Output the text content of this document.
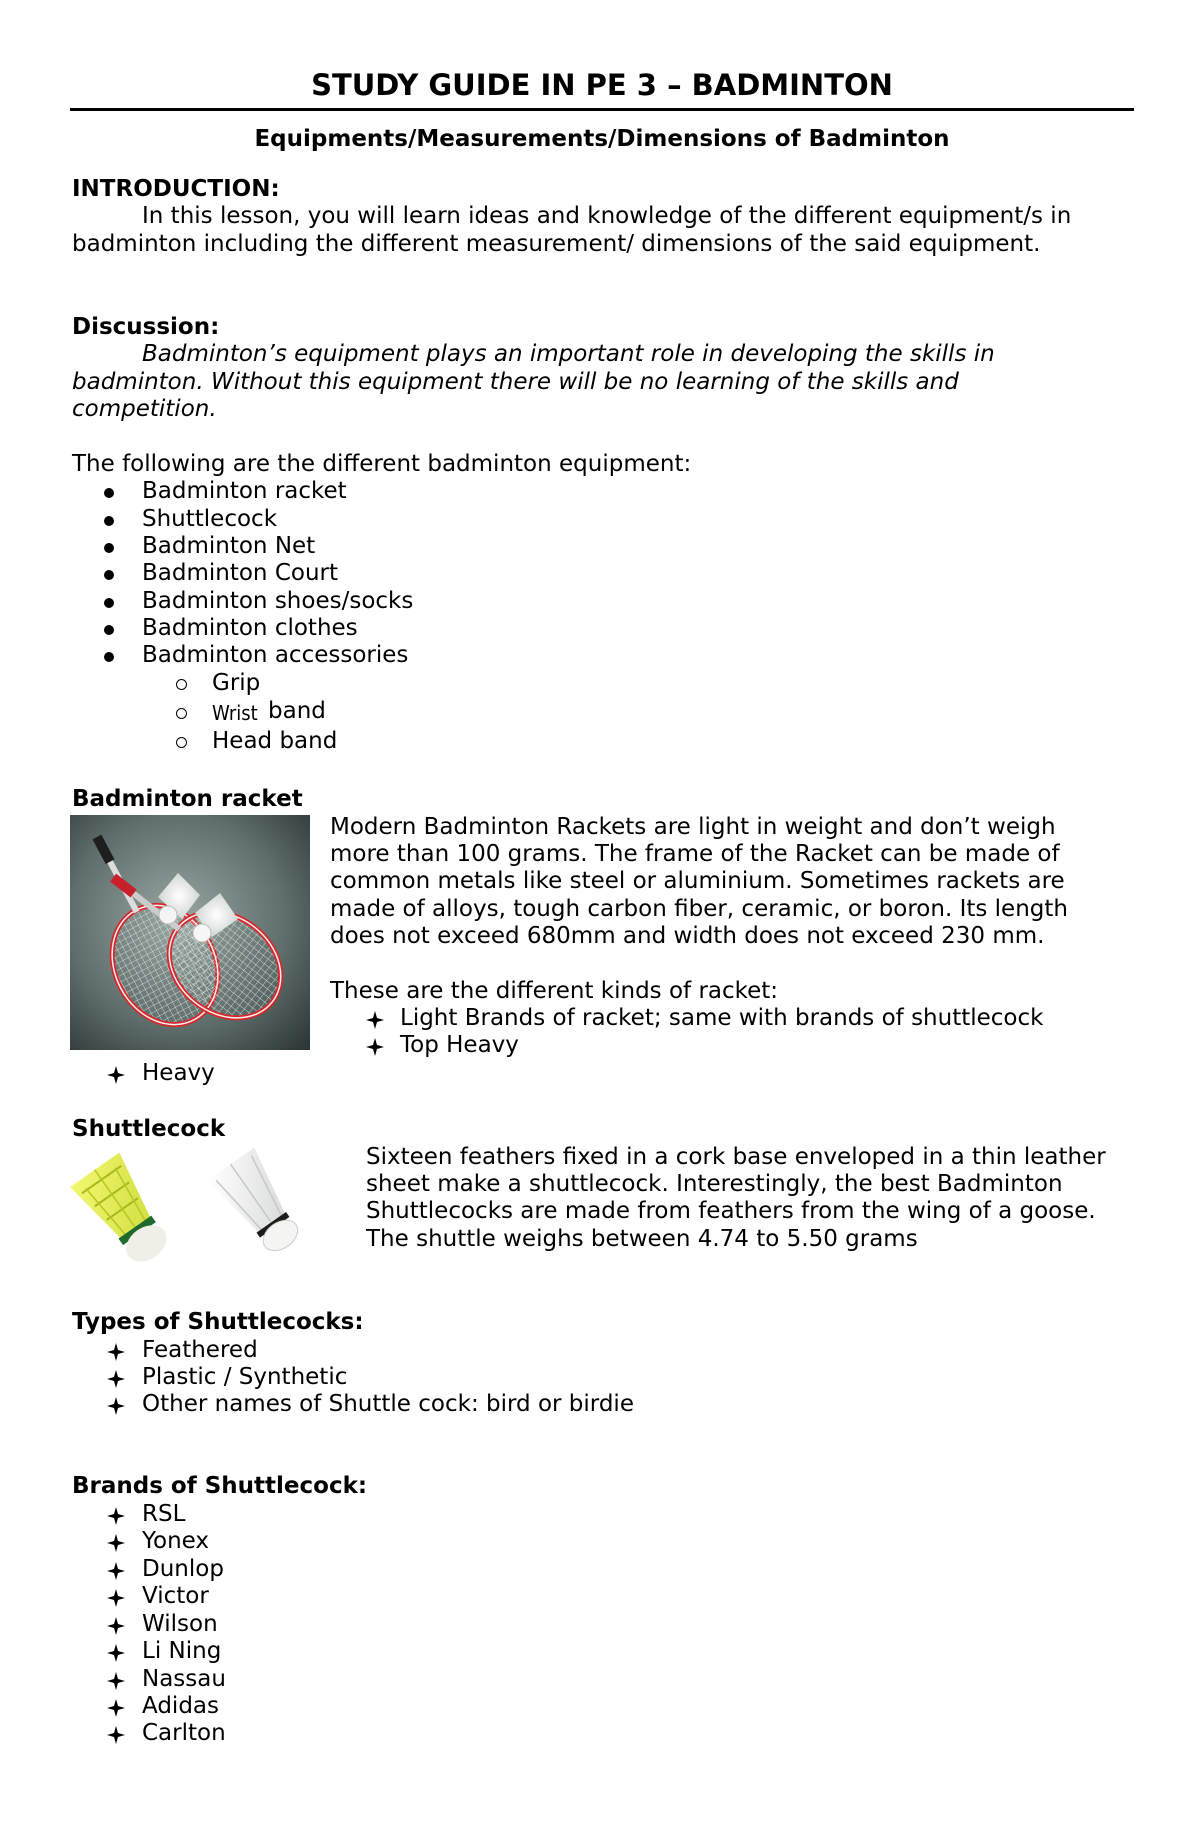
STUDY GUIDE IN PE 3 – BADMINTON
Equipments/Measurements/Dimensions of Badminton
INTRODUCTION:
In this lesson, you will learn ideas and knowledge of the different equipment/s in
badminton including the different measurement/ dimensions of the said equipment.
Discussion:
Badminton’s equipment plays an important role in developing the skills in
badminton. Without this equipment there will be no learning of the skills and
competition.
The following are the different badminton equipment:
Badminton racket
Shuttlecock
Badminton Net
Badminton Court
Badminton shoes/socks
Badminton clothes
Badminton accessories
Grip
Wrist band
Head band
Badminton racket
Modern Badminton Rackets are light in weight and don’t weigh
more than 100 grams. The frame of the Racket can be made of
common metals like steel or aluminium. Sometimes rackets are
made of alloys, tough carbon fiber, ceramic, or boron. Its length
does not exceed 680mm and width does not exceed 230 mm.
These are the different kinds of racket:
Light Brands of racket; same with brands of shuttlecock
Top Heavy
Heavy
Shuttlecock
Sixteen feathers fixed in a cork base enveloped in a thin leather
sheet make a shuttlecock. Interestingly, the best Badminton
Shuttlecocks are made from feathers from the wing of a goose.
The shuttle weighs between 4.74 to 5.50 grams
Types of Shuttlecocks:
Feathered
Plastic / Synthetic
Other names of Shuttle cock: bird or birdie
Brands of Shuttlecock:
RSL
Yonex
Dunlop
Victor
Wilson
Li Ning
Nassau
Adidas
Carlton
